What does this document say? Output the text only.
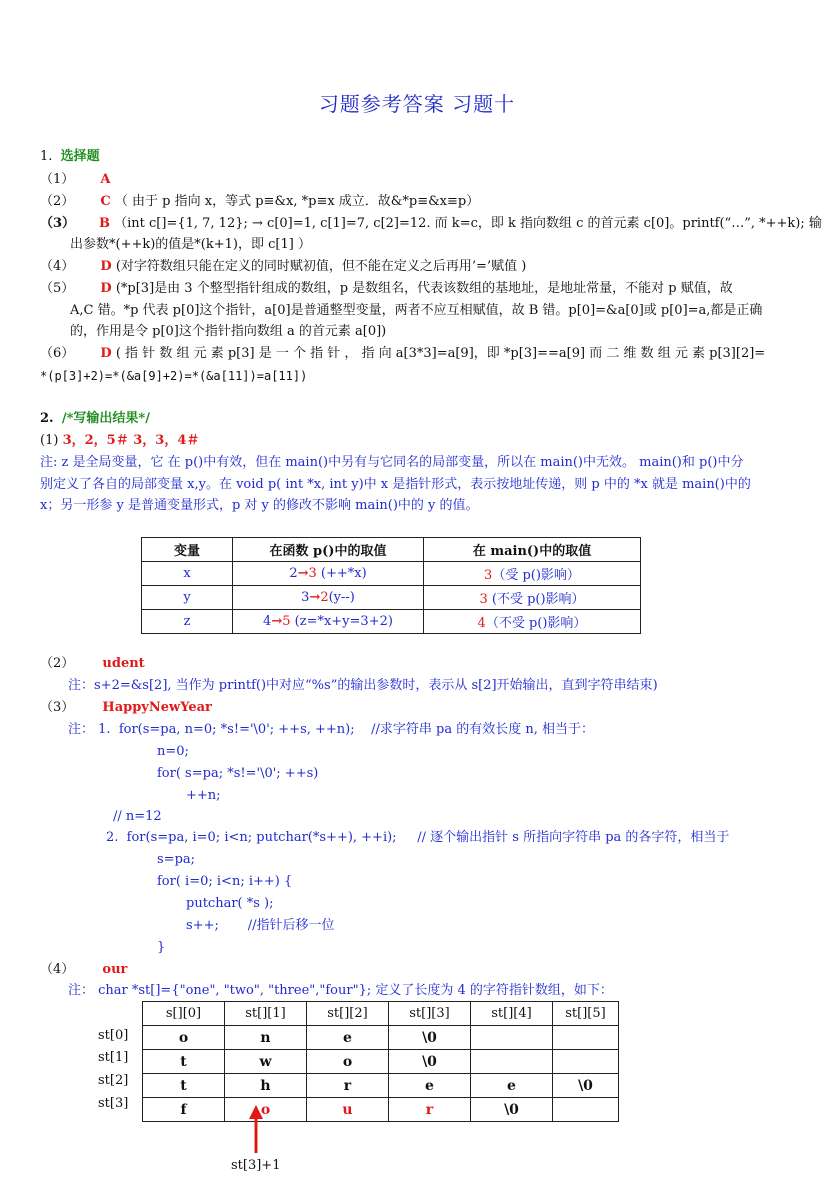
习题参考答案 习题十
1. 选择题
（1） A
（2） C （ 由于 p 指向 x，等式 p≡&x, *p≡x 成立．故&*p≡&x≡p）
（3） B （int c[]={1, 7, 12}; → c[0]=1, c[1]=7, c[2]=12. 而 k=c，即 k 指向数组 c 的首元素 c[0]。printf(“…”, *++k); 输
出参数*(++k)的值是*(k+1)，即 c[1] ）
（4） D (对字符数组只能在定义的同时赋初值，但不能在定义之后再用‘=’赋值 )
（5） D (*p[3]是由 3 个整型指针组成的数组，p 是数组名，代表该数组的基地址，是地址常量，不能对 p 赋值，故
A,C 错。*p 代表 p[0]这个指针，a[0]是普通整型变量，两者不应互相赋值，故 B 错。p[0]=&a[0]或 p[0]=a,都是正确
的，作用是令 p[0]这个指针指向数组 a 的首元素 a[0])
（6） D ( 指 针 数 组 元 素 p[3] 是 一 个 指 针 ， 指 向 a[3*3]=a[9]，即 *p[3]==a[9] 而 二 维 数 组 元 素 p[3][2]=
*(p[3]+2)=*(&a[9]+2)=*(&a[11])=a[11])
2. /*写输出结果*/
(1) 3，2，5＃ 3，3，4＃
注: z 是全局变量，它 在 p()中有效，但在 main()中另有与它同名的局部变量，所以在 main()中无效。 main()和 p()中分
别定义了各自的局部变量 x,y。在 void p( int *x, int y)中 x 是指针形式，表示按地址传递，则 p 中的 *x 就是 main()中的
x；另一形参 y 是普通变量形式，p 对 y 的修改不影响 main()中的 y 的值。
变量	在函数 p()中的取值	在 main()中的取值
x	2→3 (++*x)	3（受 p()影响）
y	3→2(y--)	3 (不受 p()影响）
z	4→5 (z=*x+y=3+2)	4（不受 p()影响）
（2） udent
注：s+2=&s[2], 当作为 printf()中对应“%s”的输出参数时，表示从 s[2]开始输出，直到字符串结束)
（3） HappyNewYear
注： 1. for(s=pa, n=0; *s!='\0'; ++s, ++n); //求字符串 pa 的有效长度 n, 相当于：
n=0;
for( s=pa; *s!='\0'; ++s)
++n;
// n=12
2. for(s=pa, i=0; i<n; putchar(*s++), ++i); // 逐个输出指针 s 所指向字符串 pa 的各字符，相当于
s=pa;
for( i=0; i<n; i++) {
putchar( *s );
s++; //指针后移一位
}
（4） our
注： char *st[]={"one", "two", "three","four"}; 定义了长度为 4 的字符指针数组，如下：
st[0]
st[1]
st[2]
st[3]
s[][0]	st[][1]	st[][2]	st[][3]	st[][4]	st[][5]
o	n	e	\0		
t	w	o	\0		
t	h	r	e	e	\0
f	o	u	r	\0	
st[3]+1
